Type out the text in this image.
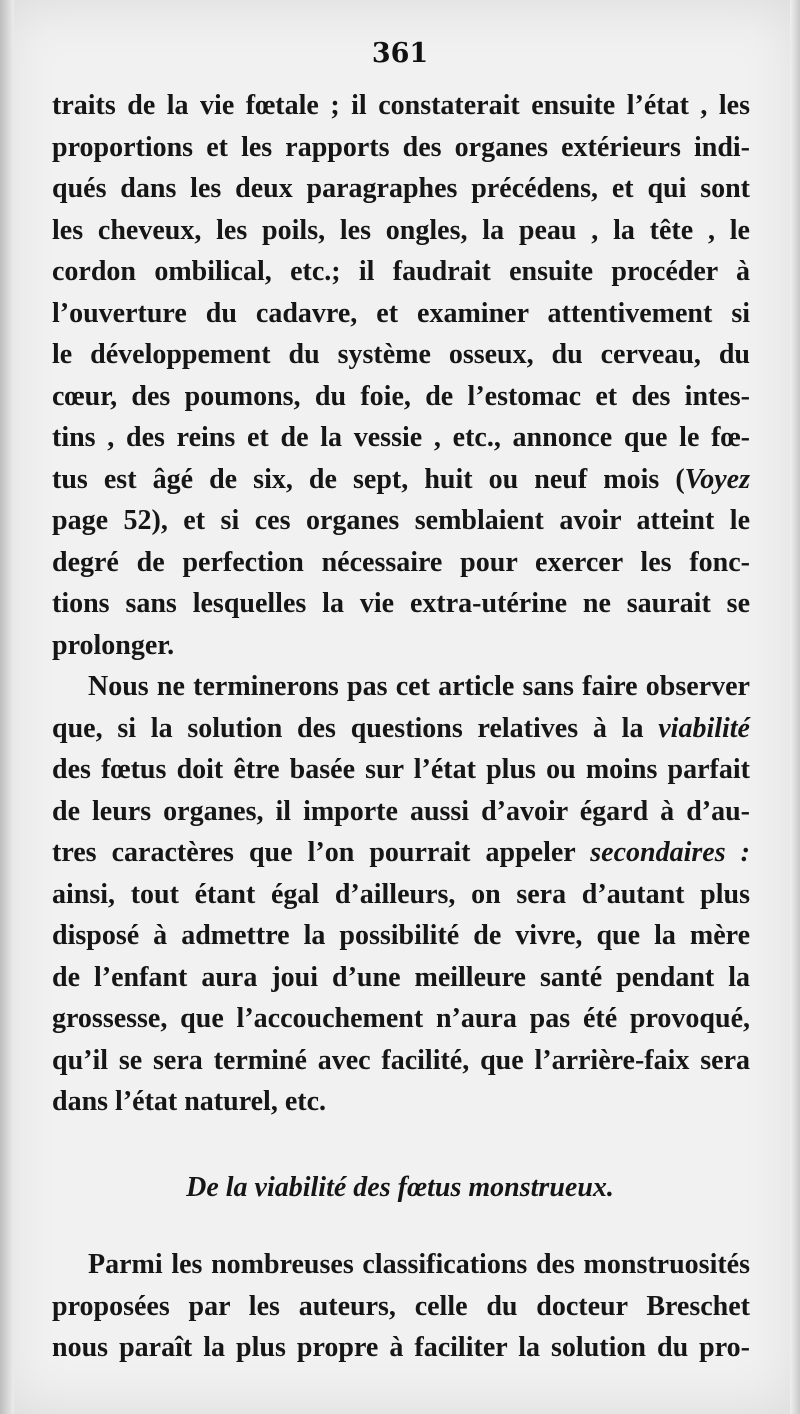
361
traits de la vie fœtale ; il constaterait ensuite l’état , les
proportions et les rapports des organes extérieurs indi-
qués dans les deux paragraphes précédens, et qui sont
les cheveux, les poils, les ongles, la peau , la tête , le
cordon ombilical, etc.; il faudrait ensuite procéder à
l’ouverture du cadavre, et examiner attentivement si
le développement du système osseux, du cerveau, du
cœur, des poumons, du foie, de l’estomac et des intes-
tins , des reins et de la vessie , etc., annonce que le fœ-
tus est âgé de six, de sept, huit ou neuf mois (Voyez
page 52), et si ces organes semblaient avoir atteint le
degré de perfection nécessaire pour exercer les fonc-
tions sans lesquelles la vie extra-utérine ne saurait se
prolonger.
Nous ne terminerons pas cet article sans faire observer
que, si la solution des questions relatives à la viabilité
des fœtus doit être basée sur l’état plus ou moins parfait
de leurs organes, il importe aussi d’avoir égard à d’au-
tres caractères que l’on pourrait appeler secondaires :
ainsi, tout étant égal d’ailleurs, on sera d’autant plus
disposé à admettre la possibilité de vivre, que la mère
de l’enfant aura joui d’une meilleure santé pendant la
grossesse, que l’accouchement n’aura pas été provoqué,
qu’il se sera terminé avec facilité, que l’arrière-faix sera
dans l’état naturel, etc.
De la viabilité des fœtus monstrueux.
Parmi les nombreuses classifications des monstruosités
proposées par les auteurs, celle du docteur Breschet
nous paraît la plus propre à faciliter la solution du pro-
